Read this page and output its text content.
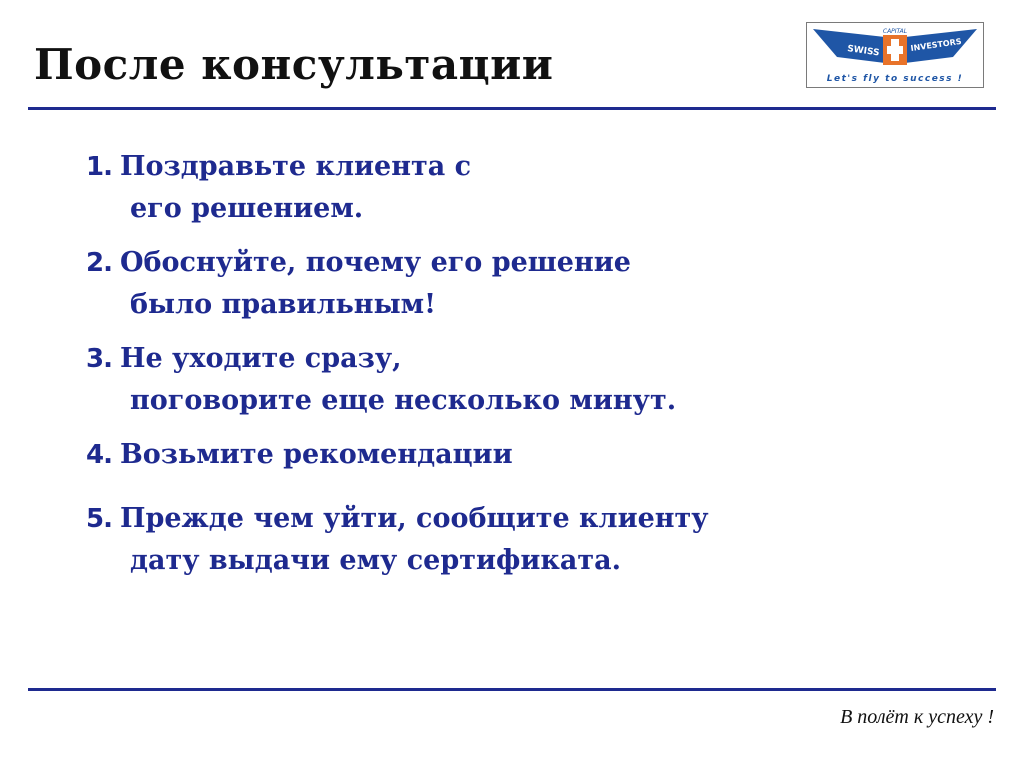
После консультации	SWISS	INVESTORS
CAPITAL
Let's fly to success !
1. Поздравьте клиента с
его решением.
2. Обоснуйте, почему его решение
было правильным!
3. Не уходите сразу,
поговорите еще несколько минут.
4. Возьмите рекомендации
5. Прежде чем уйти, сообщите клиенту
дату выдачи ему сертификата.
В полёт к успеху !
